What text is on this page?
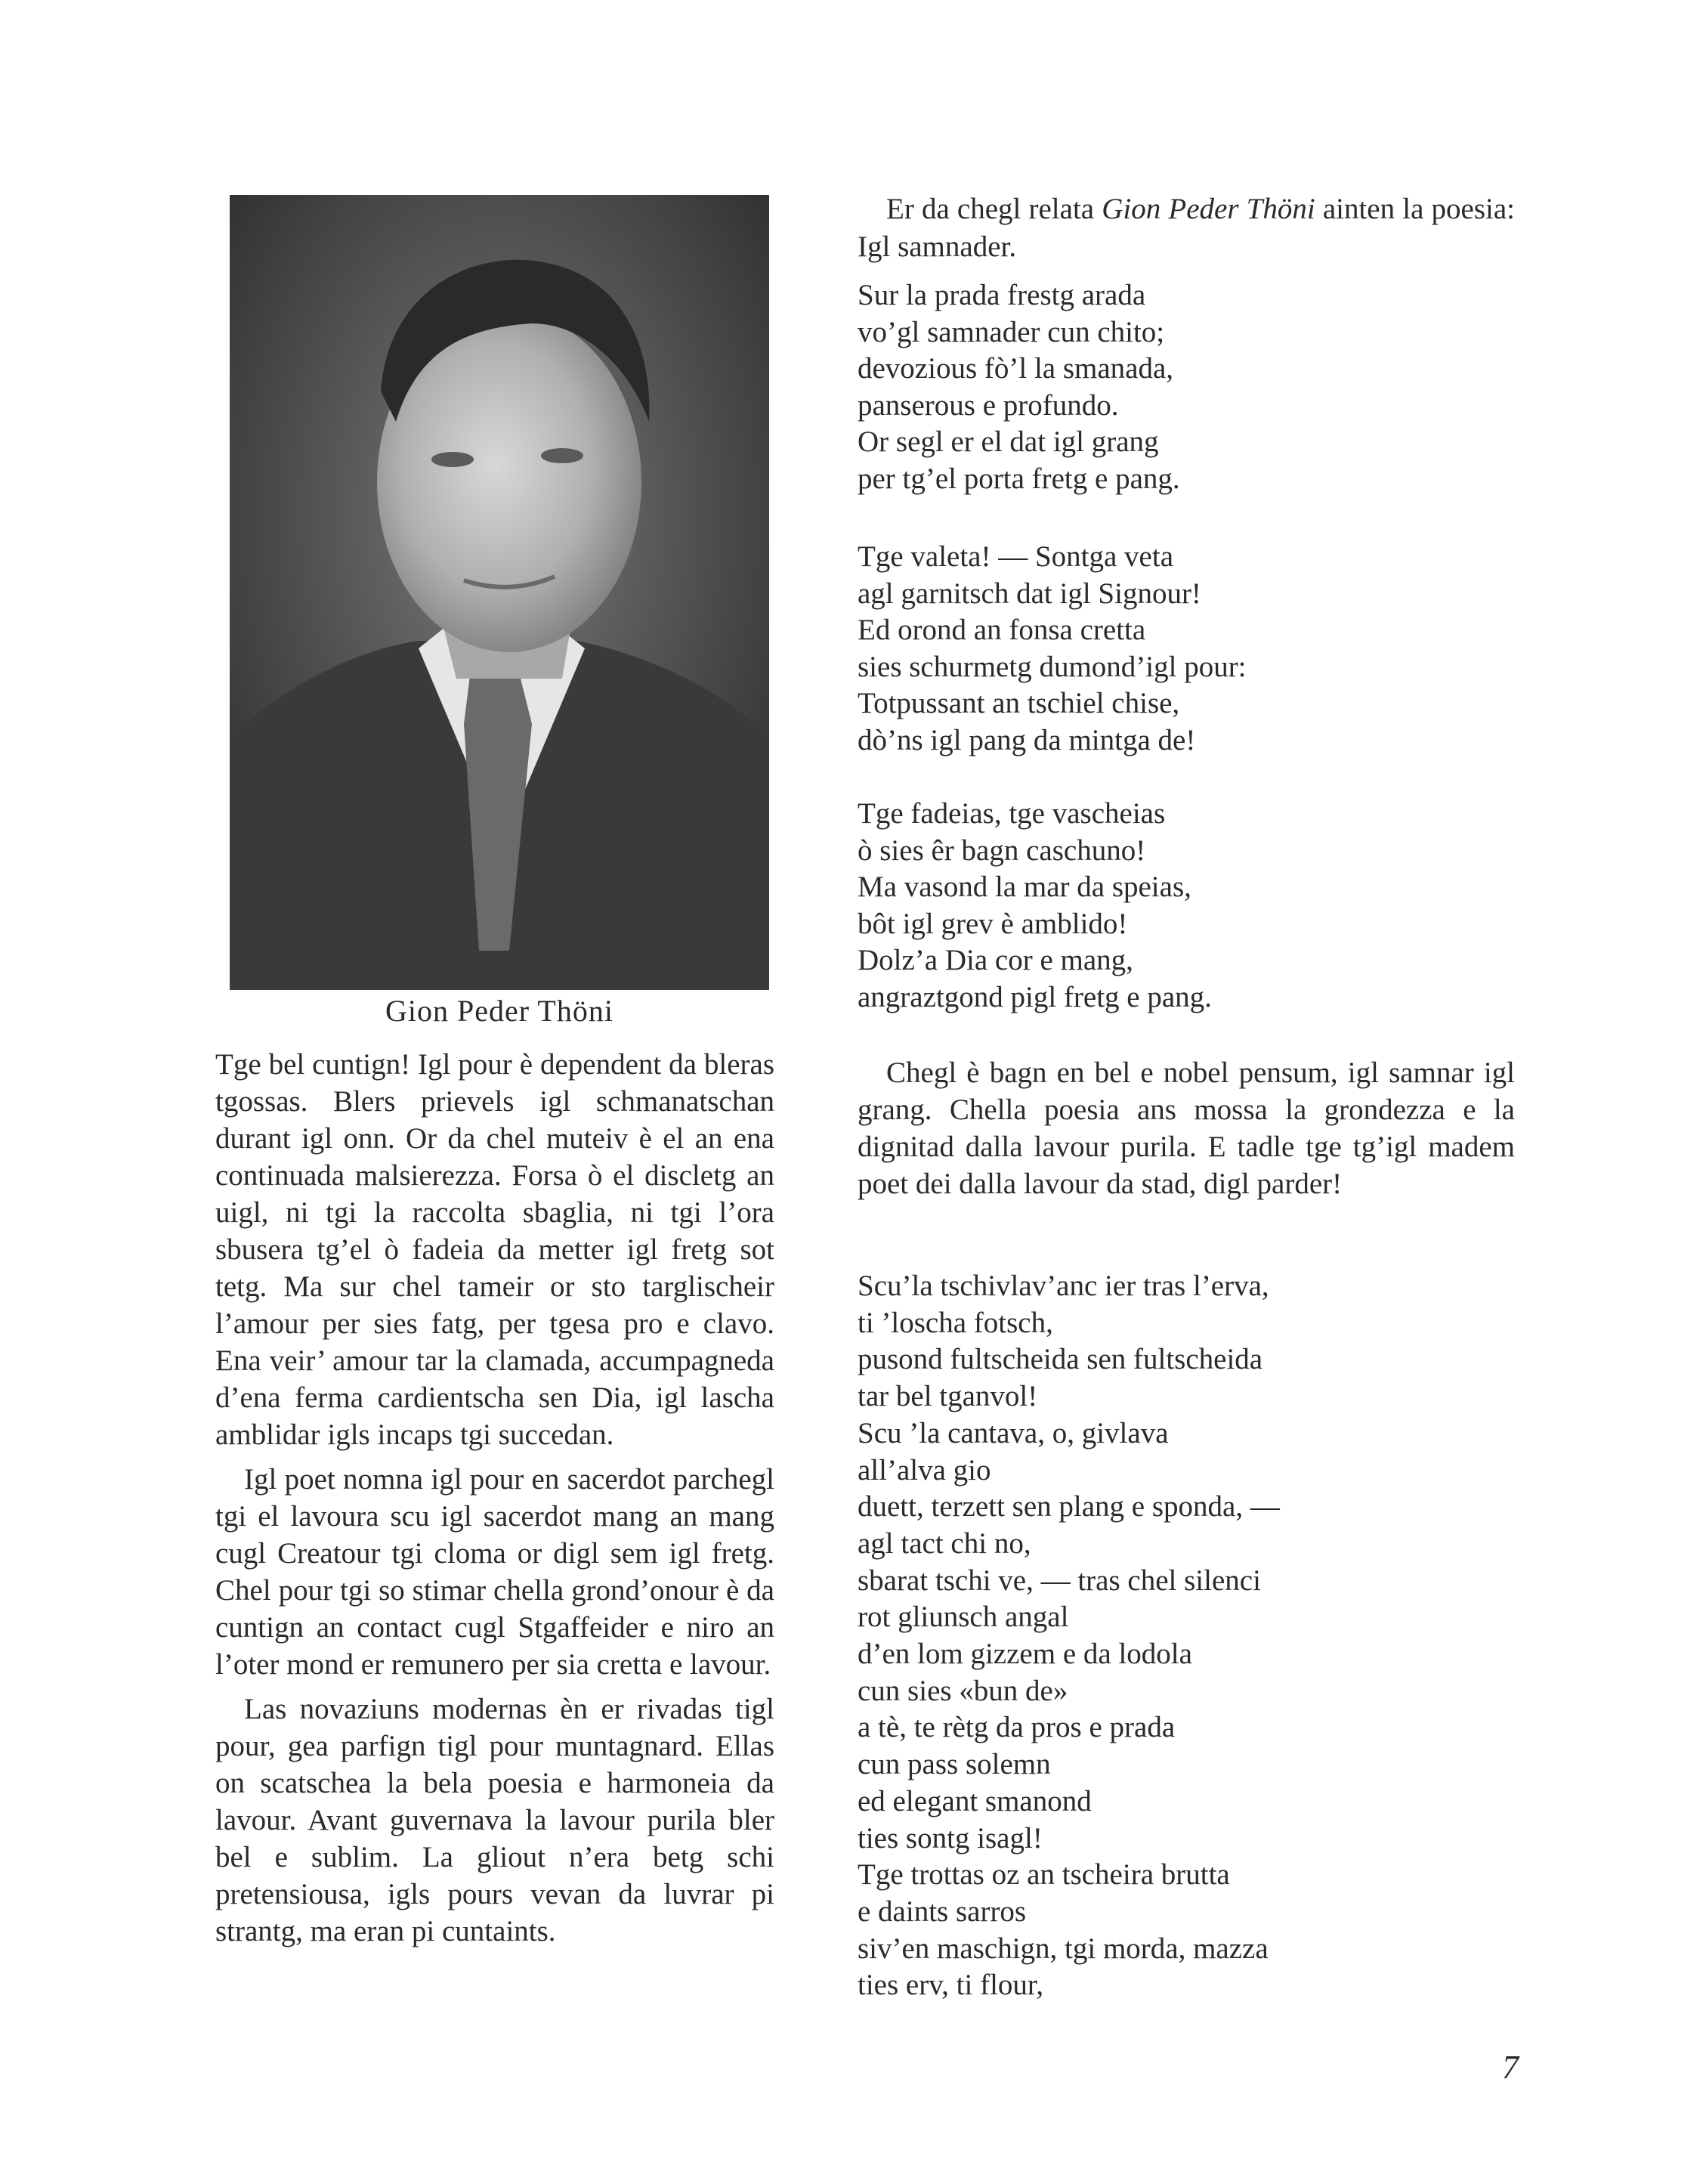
Gion Peder Thöni

Tge bel cuntign! Igl pour è dependent da bleras tgossas. Blers prievels igl schmanatschan durant igl onn. Or da chel muteiv è el an ena continuada malsierezza. Forsa ò el discletg an uigl, ni tgi la raccolta sbaglia, ni tgi l’ora sbusera tg’el ò fadeia da metter igl fretg sot tetg. Ma sur chel tameir or sto targlischeir l’amour per sies fatg, per tgesa pro e clavo. Ena veir’ amour tar la clamada, accumpagneda d’ena ferma cardientscha sen Dia, igl lascha amblidar igls incaps tgi succedan.

Igl poet nomna igl pour en sacerdot parchegl tgi el lavoura scu igl sacerdot mang an mang cugl Creatour tgi cloma or digl sem igl fretg. Chel pour tgi so stimar chella grond’onour è da cuntign an contact cugl Stgaffeider e niro an l’oter mond er remunero per sia cretta e lavour.

Las novaziuns modernas èn er rivadas tigl pour, gea parfign tigl pour muntagnard. Ellas on scatschea la bela poesia e harmoneia da lavour. Avant guvernava la lavour purila bler bel e sublim. La gliout n’era betg schi pretensiousa, igls pours vevan da luvrar pi strantg, ma eran pi cuntaints.

Er da chegl relata Gion Peder Thöni ainten la poesia: Igl samnader.
Sur la prada frestg arada
vo’gl samnader cun chito;
devozious fò’l la smanada,
panserous e profundo.
Or segl er el dat igl grang
per tg’el porta fretg e pang.
Tge valeta! — Sontga veta
agl garnitsch dat igl Signour!
Ed orond an fonsa cretta
sies schurmetg dumond’igl pour:
Totpussant an tschiel chise,
dò’ns igl pang da mintga de!
Tge fadeias, tge vascheias
ò sies êr bagn caschuno!
Ma vasond la mar da speias,
bôt igl grev è amblido!
Dolz’a Dia cor e mang,
angraztgond pigl fretg e pang.

Chegl è bagn en bel e nobel pensum, igl samnar igl grang. Chella poesia ans mossa la grondezza e la dignitad dalla lavour purila. E tadle tge tg’igl madem poet dei dalla lavour da stad, digl parder!

Scu’la tschivlav’anc ier tras l’erva,
ti ’loscha fotsch,
pusond fultscheida sen fultscheida
tar bel tganvol!
Scu ’la cantava, o, givlava
all’alva gio
duett, terzett sen plang e sponda, —
agl tact chi no,
sbarat tschi ve, — tras chel silenci
rot gliunsch angal
d’en lom gizzem e da lodola
cun sies «bun de»
a tè, te rètg da pros e prada
cun pass solemn
ed elegant smanond
ties sontg isagl!
Tge trottas oz an tscheira brutta
e daints sarros
siv’en maschign, tgi morda, mazza
ties erv, ti flour,
7
